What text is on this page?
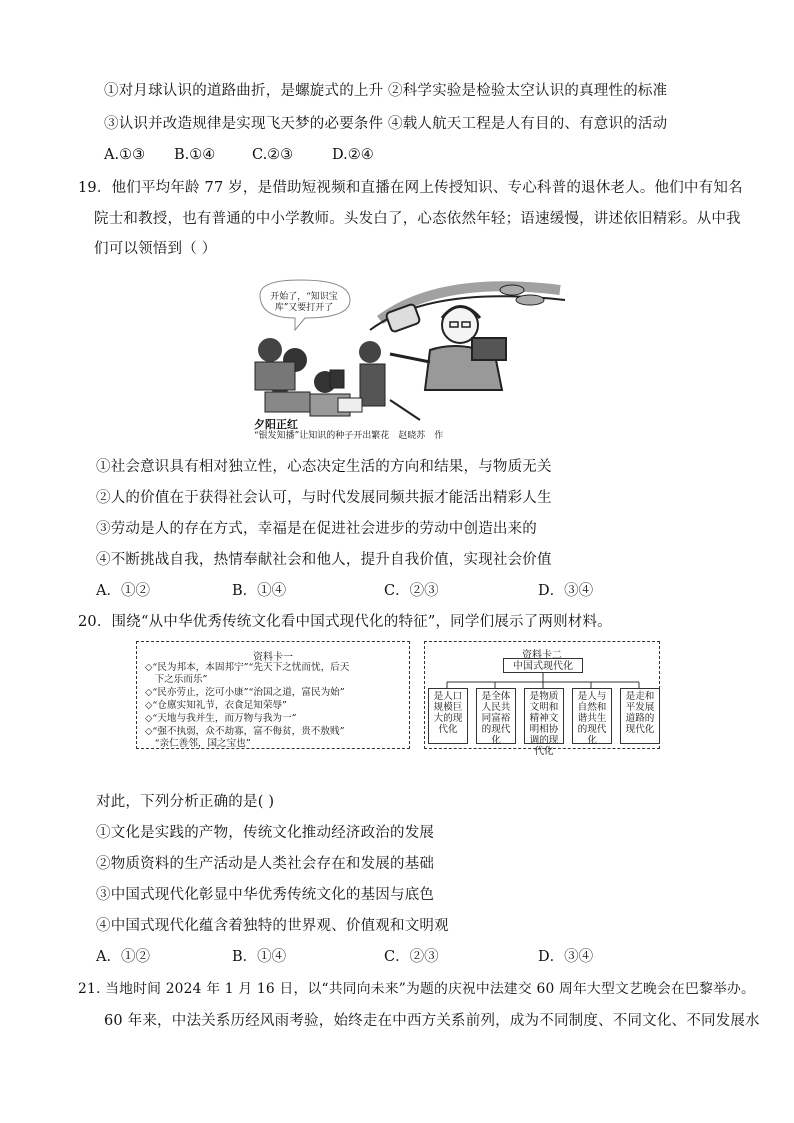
①对月球认识的道路曲折，是螺旋式的上升 ②科学实验是检验太空认识的真理性的标准
③认识并改造规律是实现飞天梦的必要条件 ④载人航天工程是人有目的、有意识的活动
A.①③ B.①④	C.②③	D.②④
19．他们平均年龄 77 岁，是借助短视频和直播在网上传授知识、专心科普的退休老人。他们中有知名
院士和教授，也有普通的中小学教师。头发白了，心态依然年轻；语速缓慢，讲述依旧精彩。从中我
们可以领悟到（ ）
开始了，“知识宝库”又要打开了
夕阳正红
“银发知播”让知识的种子开出繁花　赵晓苏　作
①社会意识具有相对独立性，心态决定生活的方向和结果，与物质无关
②人的价值在于获得社会认可，与时代发展同频共振才能活出精彩人生
③劳动是人的存在方式，幸福是在促进社会进步的劳动中创造出来的
④不断挑战自我，热情奉献社会和他人，提升自我价值，实现社会价值
A．①②	B．①④	C．②③	D．③④
20．围绕“从中华优秀传统文化看中国式现代化的特征”，同学们展示了两则材料。
资料卡一
◇“民为邦本，本固邦宁”“先天下之忧而忧，后天
　下之乐而乐”
◇“民亦劳止，汔可小康”“治国之道，富民为始”
◇“仓廪实知礼节，衣食足知荣辱”
◇“天地与我并生，而万物与我为一”
◇“强不执弱，众不劫寡，富不侮贫，贵不敖贱”
　“亲仁善邻，国之宝也”
资料卡二
中国式现代化
是人口规模巨大的现代化
是全体人民共同富裕的现代化
是物质文明和精神文明相协调的现代化
是人与自然和谐共生的现代化
是走和平发展道路的现代化
对此，下列分析正确的是( )
①文化是实践的产物，传统文化推动经济政治的发展
②物质资料的生产活动是人类社会存在和发展的基础
③中国式现代化彰显中华优秀传统文化的基因与底色
④中国式现代化蕴含着独特的世界观、价值观和文明观
A．①②	B．①④	C．②③	D．③④
21. 当地时间 2024 年 1 月 16 日，以“共同向未来”为题的庆祝中法建交 60 周年大型文艺晚会在巴黎举办。
60 年来，中法关系历经风雨考验，始终走在中西方关系前列，成为不同制度、不同文化、不同发展水
